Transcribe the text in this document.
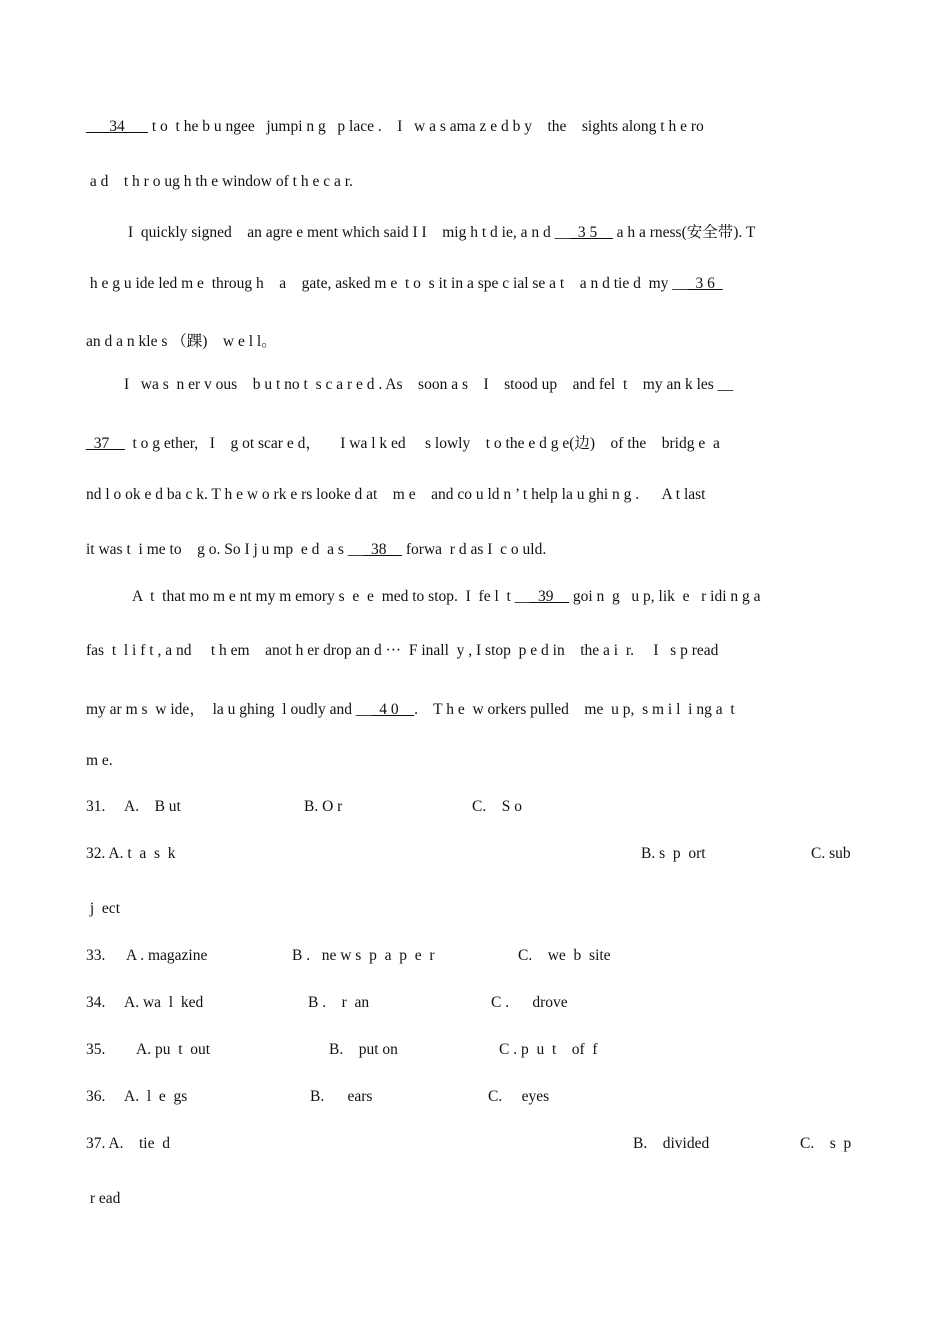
___34___ t o  t he b u ngee   jumpi n g   p lace .    I   w a s ama z e d b y    the    sights along t h e ro
a d    t h r o ug h th e window of t h e c a r.
I  quickly signed    an agre e ment which said I I    mig h t d ie, a n d ___3 5__ a h a rness(安全带). T
h e g u ide led m e  throug h    a    gate, asked m e  t o  s it in a spe c ial se a t    a n d tie d  my ___3 6_
an d a n kle s （踝)    w e l l。
I   wa s  n er v ous    b u t no t  s c a r e d . As    soon a s    I    stood up    and fel  t    my an k les __
_37__  t o g ether,   I    g ot scar e d，     I wa l k ed     s lowly    t o the e d g e(边)    of the    bridg e  a
nd l o ok e d ba c k. T h e w o rk e rs looke d at    m e    and co u ld n ’ t help la u ghi n g .      A t last
it was t  i me to    g o. So I j u mp  e d  a s ___38__ forwa  r d as I  c o uld.
A  t  that mo m e nt my m emory s  e  e  med to stop.  I  fe l  t ___39__ goi n  g   u p, lik  e   r idi n g a
fas  t  l i f t , a nd     t h em    anot h er drop an d ···  F inall  y , I stop  p e d in    the a i  r.     I   s p read
my ar m s  w ide，  la u ghing  l oudly and ___4 0__.    T h e  w orkers pulled    me  u p,  s m i l  i ng a  t
m e.
31. A.    B ut	B. O r	C.    S o
32. A. t  a  s  k	B. s  p  ort	C. sub
j  ect
33. A . magazine	B .   ne w s  p  a  p  e  r	C.    we  b  site
34. A. wa  l  ked	B .    r  an	C .      drove
35. A. pu  t  out	B.    put on	C . p  u  t    of  f
36. A.  l  e  gs	B.      ears	C.     eyes
37. A.    tie  d	B.    divided	C.    s  p
r ead
